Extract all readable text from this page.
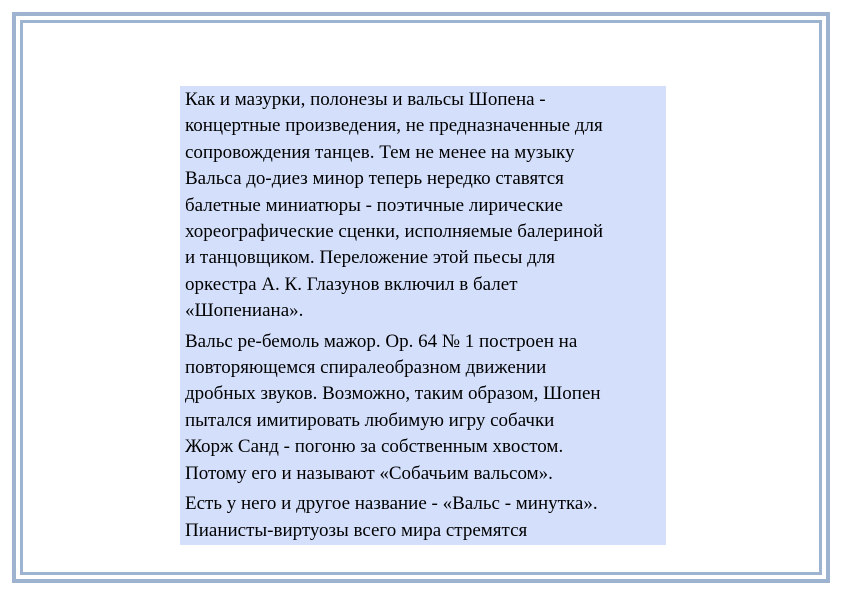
Как и мазурки, полонезы и вальсы Шопена -
концертные произведения, не предназначенные для
сопровождения танцев. Тем не менее на музыку
Вальса до-диез минор теперь нередко ставятся
балетные миниатюры - поэтичные лирические
хореографические сценки, исполняемые балериной
и танцовщиком. Переложение этой пьесы для
оркестра А. К. Глазунов включил в балет
«Шопениана».

Вальс ре-бемоль мажор. Ор. 64 № 1 построен на
повторяющемся спиралеобразном движении
дробных звуков. Возможно, таким образом, Шопен
пытался имитировать любимую игру собачки
Жорж Санд - погоню за собственным хвостом.
Потому его и называют «Собачьим вальсом».

Есть у него и другое название - «Вальс - минутка».
Пианисты-виртуозы всего мира стремятся
